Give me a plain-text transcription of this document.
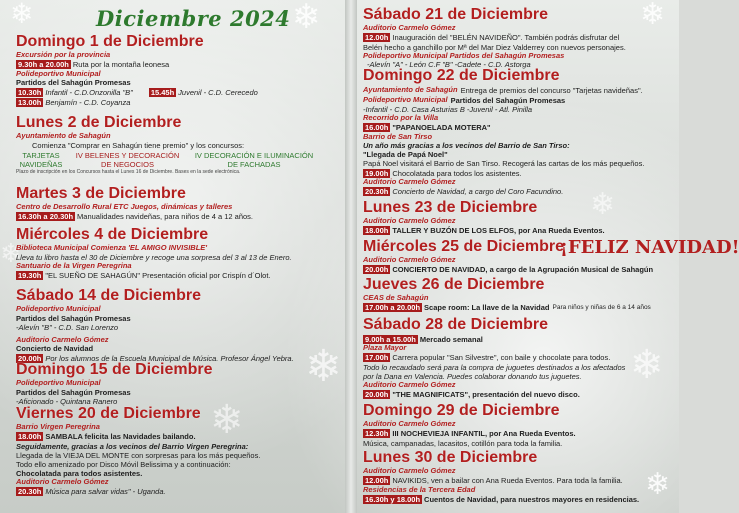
❄	❄
❄
❄
❄
❄
❄
❄
❄
Diciembre 2024
Domingo 1 de Diciembre
Excursión por la provincia
9.30h a 20.00h Ruta por la montaña leonesa
Polideportivo Municipal
Partidos del Sahagún Promesas
10.30h Infantil - C.D.Onzonilla "B" 15.45h Juvenil - C.D. Cerecedo
13.00h Benjamín - C.D. Coyanza
Lunes 2 de Diciembre
Ayuntamiento de Sahagún
Comienza "Comprar en Sahagún tiene premio" y los concursos:
TARJETAS NAVIDEÑAS
IV BELENES Y DECORACIÓN DE NEGOCIOS
IV DECORACIÓN E ILUMINACIÓN DE FACHADAS
Plazo de inscripción en los Concursos hasta el Lunes 16 de Diciembre. Bases en la sede electrónica.
Martes 3 de Diciembre
Centro de Desarrollo Rural ETC Juegos, dinámicas y talleres
16.30h a 20.30h Manualidades navideñas, para niños de 4 a 12 años.
Miércoles 4 de Diciembre
Biblioteca Municipal Comienza 'EL AMIGO INVISIBLE'
Lleva tu libro hasta el 30 de Diciembre y recoge una sorpresa del 3 al 13 de Enero.
Santuario de la Virgen Peregrina
19.30h "EL SUEÑO DE SAHAGÚN" Presentación oficial por Crispín d´Olot.
Sábado 14 de Diciembre
Polideportivo Municipal
Partidos del Sahagún Promesas
-Alevín "B" - C.D. San Lorenzo
Auditorio Carmelo Gómez
Concierto de Navidad
20.00h Por los alumnos de la Escuela Municipal de Música. Profesor Ángel Yebra.
Domingo 15 de Diciembre
Polideportivo Municipal
Partidos del Sahagún Promesas
-Aficionado - Quintana Ranero
Viernes 20 de Diciembre
Barrio Virgen Peregrina
18.00h SAMBALA felicita las Navidades bailando.
Seguidamente, gracias a los vecinos del Barrio Virgen Peregrina:
Llegada de la VIEJA DEL MONTE con sorpresas para los más pequeños.
Todo ello amenizado por Disco Móvil Belissima y a continuación:
Chocolatada para todos asistentes.
Auditorio Carmelo Gómez
20.30h Música para salvar vidas" - Uganda.
Sábado 21 de Diciembre
Auditorio Carmelo Gómez
12.00h Inauguración del "BELÉN NAVIDEÑO". También podrás disfrutar del
Belén hecho a ganchillo por Mª del Mar Diez Valderrey con nuevos personajes.
Polideportivo Municipal Partidos del Sahagún Promesas
-Alevín "A" - León C.F "B" -Cadete - C.D. Astorga
Domingo 22 de Diciembre
Ayuntamiento de Sahagún Entrega de premios del concurso "Tarjetas navideñas".
Polideportivo Municipal Partidos del Sahagún Promesas
-Infantil - C.D. Casa Asturias B -Juvenil - Atl. Pinilla
Recorrido por la Villa
16.00h "PAPANOELADA MOTERA"
Barrio de San Tirso
Un año más gracias a los vecinos del Barrio de San Tirso:
"Llegada de Papá Noel"
Papá Noel visitará el Barrio de San Tirso. Recogerá las cartas de los más pequeños.
19.00h Chocolatada para todos los asistentes.
Auditorio Carmelo Gómez
20.30h Concierto de Navidad, a cargo del Coro Facundino.
Lunes 23 de Diciembre
Auditorio Carmelo Gómez
18.00h TALLER Y BUZÓN DE LOS ELFOS, por Ana Rueda Eventos.
Miércoles 25 de Diciembre
Auditorio Carmelo Gómez
20.00h CONCIERTO DE NAVIDAD, a cargo de la Agrupación Musical de Sahagún
Jueves 26 de Diciembre
CEAS de Sahagún
17.00h a 20.00h Scape room: La llave de la Navidad Para niños y niñas de 6 a 14 años
Sábado 28 de Diciembre
9.00h a 15.00h Mercado semanal
Plaza Mayor
17.00h Carrera popular "San Silvestre", con baile y chocolate para todos.
Todo lo recaudado será para la compra de juguetes destinados a los afectados
por la Dana en Valencia. Puedes colaborar donando tus juguetes.
Auditorio Carmelo Gómez
20.00h "THE MAGNIFICATS", presentación del nuevo disco.
Domingo 29 de Diciembre
Auditorio Carmelo Gómez
12.30h III NOCHEVIEJA INFANTIL, por Ana Rueda Eventos.
Música, campanadas, lacasitos, cotillón para toda la familia.
Lunes 30 de Diciembre
Auditorio Carmelo Gómez
12.00h NAVIKIDS, ven a bailar con Ana Rueda Eventos. Para toda la familia.
Residencias de la Tercera Edad
16.30h y 18.00h Cuentos de Navidad, para nuestros mayores en residencias.
¡FELIZ NAVIDAD!
